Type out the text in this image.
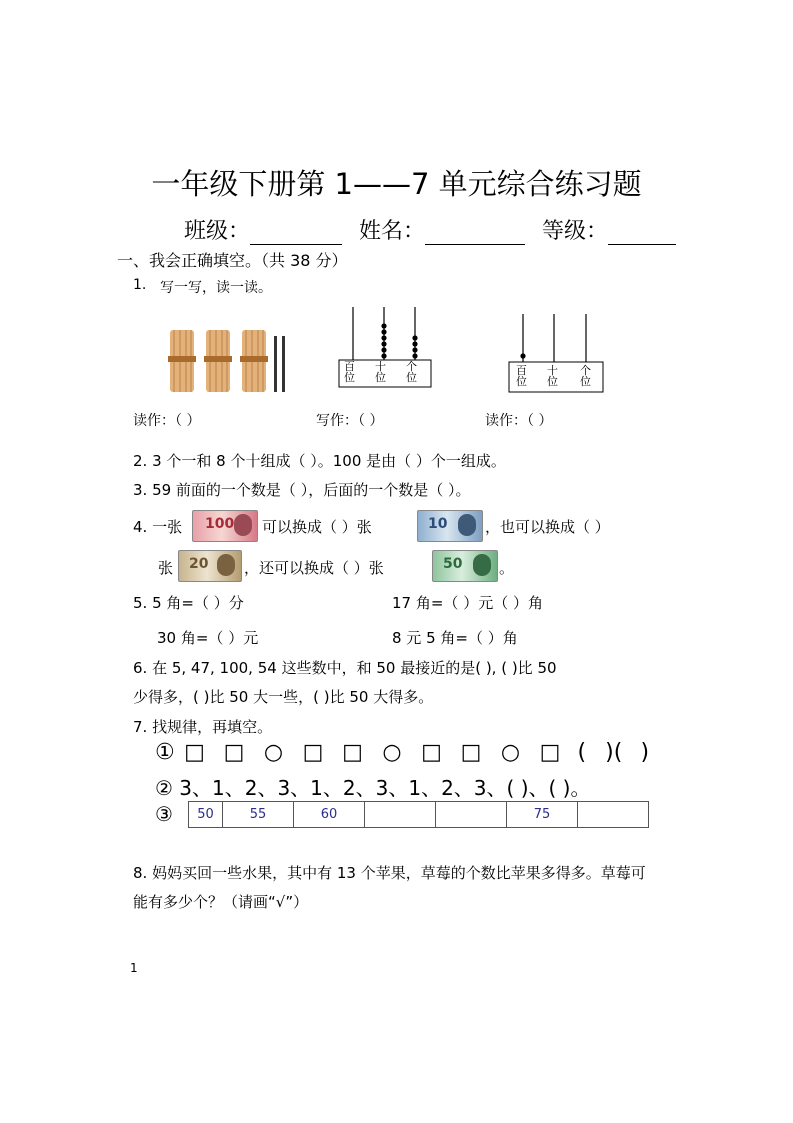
一年级下册第 1——7 单元综合练习题
班级：	姓名：	等级：
一、我会正确填空。（共 38 分）
1. 写一写，读一读。
百
位
十
位
个
位
百
位
十
位
个
位
读作：（ ）	写作：（ ）	读作：（ ）
2. 3 个一和 8 个十组成（ ）。100 是由（ ）个一组成。
3. 59 前面的一个数是（ ），后面的一个数是（ ）。
4. 一张 100 可以换成（ ）张	10	，也可以换成（ ）
张 20 ，还可以换成（ ）张	50 。
5. 5 角=（ ）分	17 角=（ ）元（ ）角
30 角=（ ）元	8 元 5 角=（ ）角
6. 在 5, 47, 100, 54 这些数中，和 50 最接近的是( ), ( )比 50
少得多，( )比 50 大一些，( )比 50 大得多。
7. 找规律，再填空。
① □ □ ○ □ □ ○ □ □ ○ □ ( )( )
② 3、1、2、3、1、2、3、1、2、3、( )、( )。
③ 50	55	60			75	
8. 妈妈买回一些水果，其中有 13 个苹果，草莓的个数比苹果多得多。草莓可
能有多少个？（请画“√”）
1
